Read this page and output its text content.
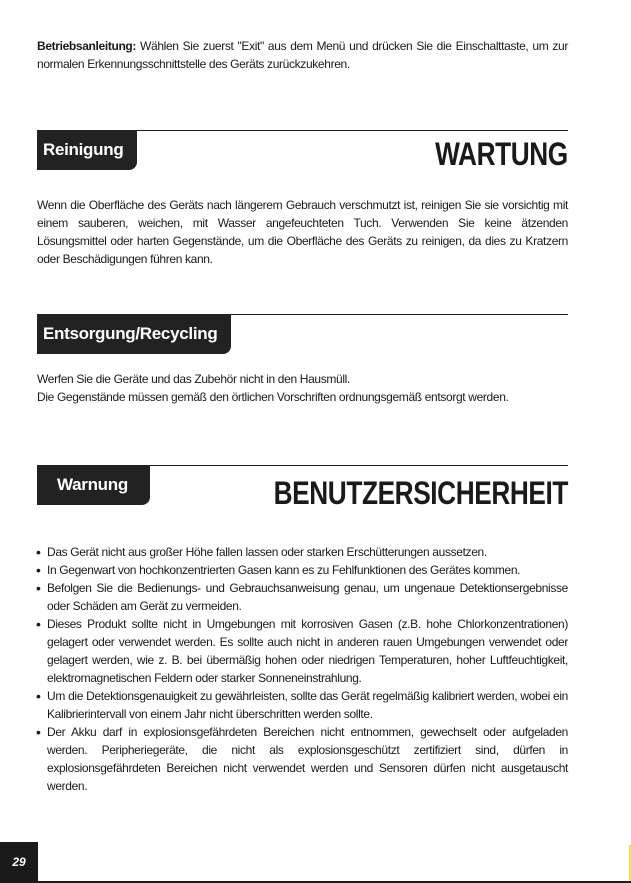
Betriebsanleitung: Wählen Sie zuerst "Exit" aus dem Menü und drücken Sie die Einschalttaste, um zur normalen Erkennungsschnittstelle des Geräts zurückzukehren.

Reinigung	WARTUNG

Wenn die Oberfläche des Geräts nach längerem Gebrauch verschmutzt ist, reinigen Sie sie vorsichtig mit einem sauberen, weichen, mit Wasser angefeuchteten Tuch. Verwenden Sie keine ätzenden Lösungsmittel oder harten Gegenstände, um die Oberfläche des Geräts zu reinigen, da dies zu Kratzern oder Beschädigungen führen kann.

Entsorgung/Recycling

Werfen Sie die Geräte und das Zubehör nicht in den Hausmüll.
Die Gegenstände müssen gemäß den örtlichen Vorschriften ordnungsgemäß entsorgt werden.

Warnung	BENUTZERSICHERHEIT
• Das Gerät nicht aus großer Höhe fallen lassen oder starken Erschütterungen aussetzen.
• In Gegenwart von hochkonzentrierten Gasen kann es zu Fehlfunktionen des Gerätes kommen.
• Befolgen Sie die Bedienungs- und Gebrauchsanweisung genau, um ungenaue Detektionsergebnisse oder Schäden am Gerät zu vermeiden.
• Dieses Produkt sollte nicht in Umgebungen mit korrosiven Gasen (z.B. hohe Chlorkonzentrationen) gelagert oder verwendet werden. Es sollte auch nicht in anderen rauen Umgebungen verwendet oder gelagert werden, wie z. B. bei übermäßig hohen oder niedrigen Temperaturen, hoher Luftfeuchtigkeit, elektromagnetischen Feldern oder starker Sonneneinstrahlung.
• Um die Detektionsgenauigkeit zu gewährleisten, sollte das Gerät regelmäßig kalibriert werden, wobei ein Kalibrierintervall von einem Jahr nicht überschritten werden sollte.
• Der Akku darf in explosionsgefährdeten Bereichen nicht entnommen, gewechselt oder aufgeladen werden. Peripheriegeräte, die nicht als explosionsgeschützt zertifiziert sind, dürfen in explosionsgefährdeten Bereichen nicht verwendet werden und Sensoren dürfen nicht ausgetauscht werden.
29
